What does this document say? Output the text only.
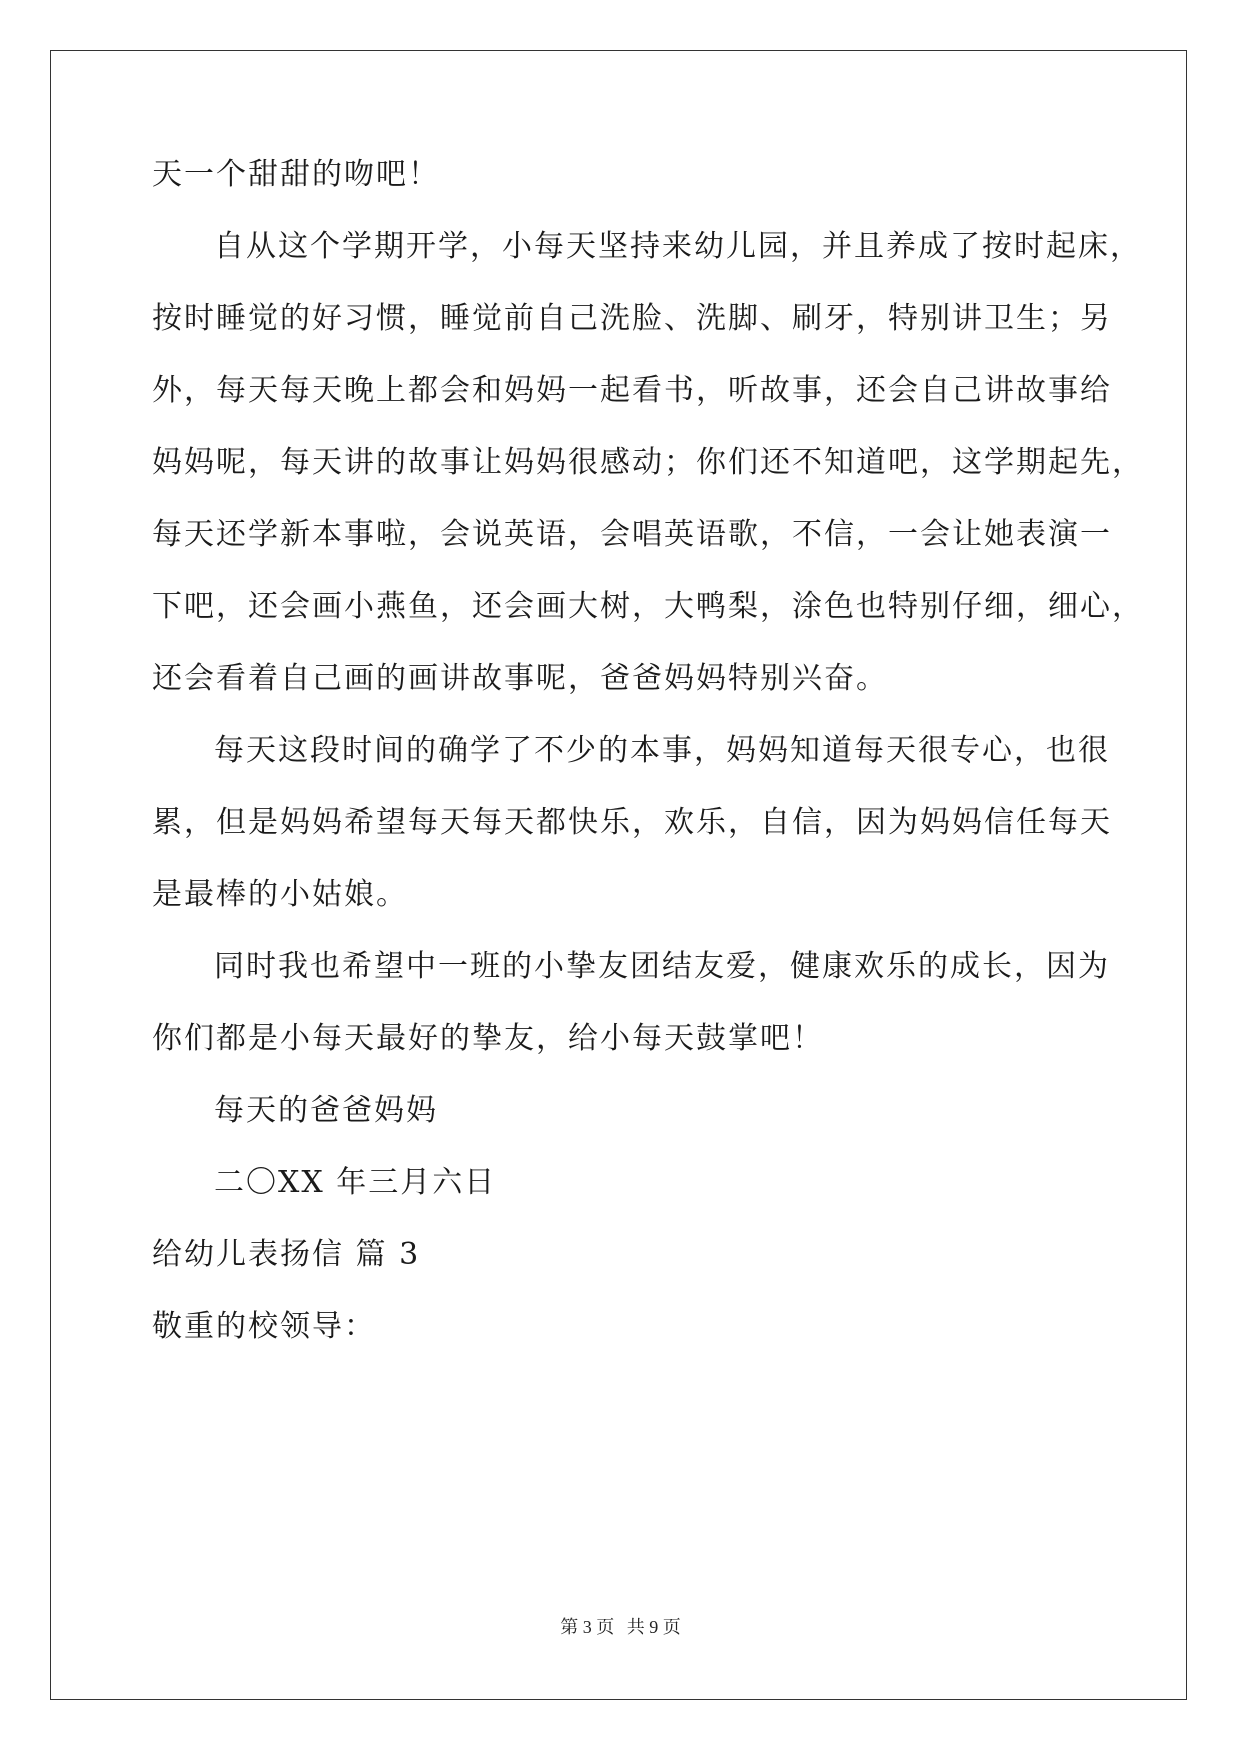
天一个甜甜的吻吧！
自从这个学期开学，小每天坚持来幼儿园，并且养成了按时起床，
按时睡觉的好习惯，睡觉前自己洗脸、洗脚、刷牙，特别讲卫生；另
外，每天每天晚上都会和妈妈一起看书，听故事，还会自己讲故事给
妈妈呢，每天讲的故事让妈妈很感动；你们还不知道吧，这学期起先，
每天还学新本事啦，会说英语，会唱英语歌，不信，一会让她表演一
下吧，还会画小燕鱼，还会画大树，大鸭梨，涂色也特别仔细，细心，
还会看着自己画的画讲故事呢，爸爸妈妈特别兴奋。
每天这段时间的确学了不少的本事，妈妈知道每天很专心，也很
累，但是妈妈希望每天每天都快乐，欢乐，自信，因为妈妈信任每天
是最棒的小姑娘。
同时我也希望中一班的小挚友团结友爱，健康欢乐的成长，因为
你们都是小每天最好的挚友，给小每天鼓掌吧！
每天的爸爸妈妈
二〇XX 年三月六日
给幼儿表扬信 篇 3
敬重的校领导：
第 3 页 共 9 页
